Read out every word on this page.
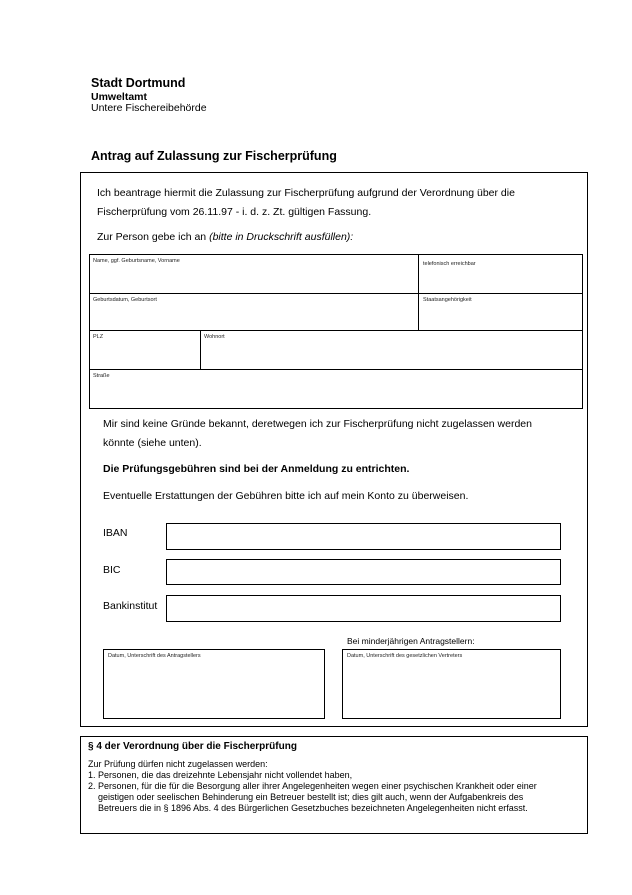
Stadt Dortmund
Umweltamt
Untere Fischereibehörde
Antrag auf Zulassung zur Fischerprüfung
Ich beantrage hiermit die Zulassung zur Fischerprüfung aufgrund der Verordnung über die
Fischerprüfung vom 26.11.97 - i. d. z. Zt. gültigen Fassung.
Zur Person gebe ich an (bitte in Druckschrift ausfüllen):
Name, ggf. Geburtsname, Vorname	telefonisch erreichbar
Geburtsdatum, Geburtsort	Staatsangehörigkeit
PLZ	Wohnort
Straße
Mir sind keine Gründe bekannt, deretwegen ich zur Fischerprüfung nicht zugelassen werden
könnte (siehe unten).
Die Prüfungsgebühren sind bei der Anmeldung zu entrichten.
Eventuelle Erstattungen der Gebühren bitte ich auf mein Konto zu überweisen.
IBAN
BIC
Bankinstitut
Bei minderjährigen Antragstellern:
Datum, Unterschrift des Antragstellers	Datum, Unterschrift des gesetzlichen Vertreters
§ 4 der Verordnung über die Fischerprüfung
Zur Prüfung dürfen nicht zugelassen werden:
1. Personen, die das dreizehnte Lebensjahr nicht vollendet haben,
2. Personen, für die für die Besorgung aller ihrer Angelegenheiten wegen einer psychischen Krankheit oder einer
geistigen oder seelischen Behinderung ein Betreuer bestellt ist; dies gilt auch, wenn der Aufgabenkreis des
Betreuers die in § 1896 Abs. 4 des Bürgerlichen Gesetzbuches bezeichneten Angelegenheiten nicht erfasst.
